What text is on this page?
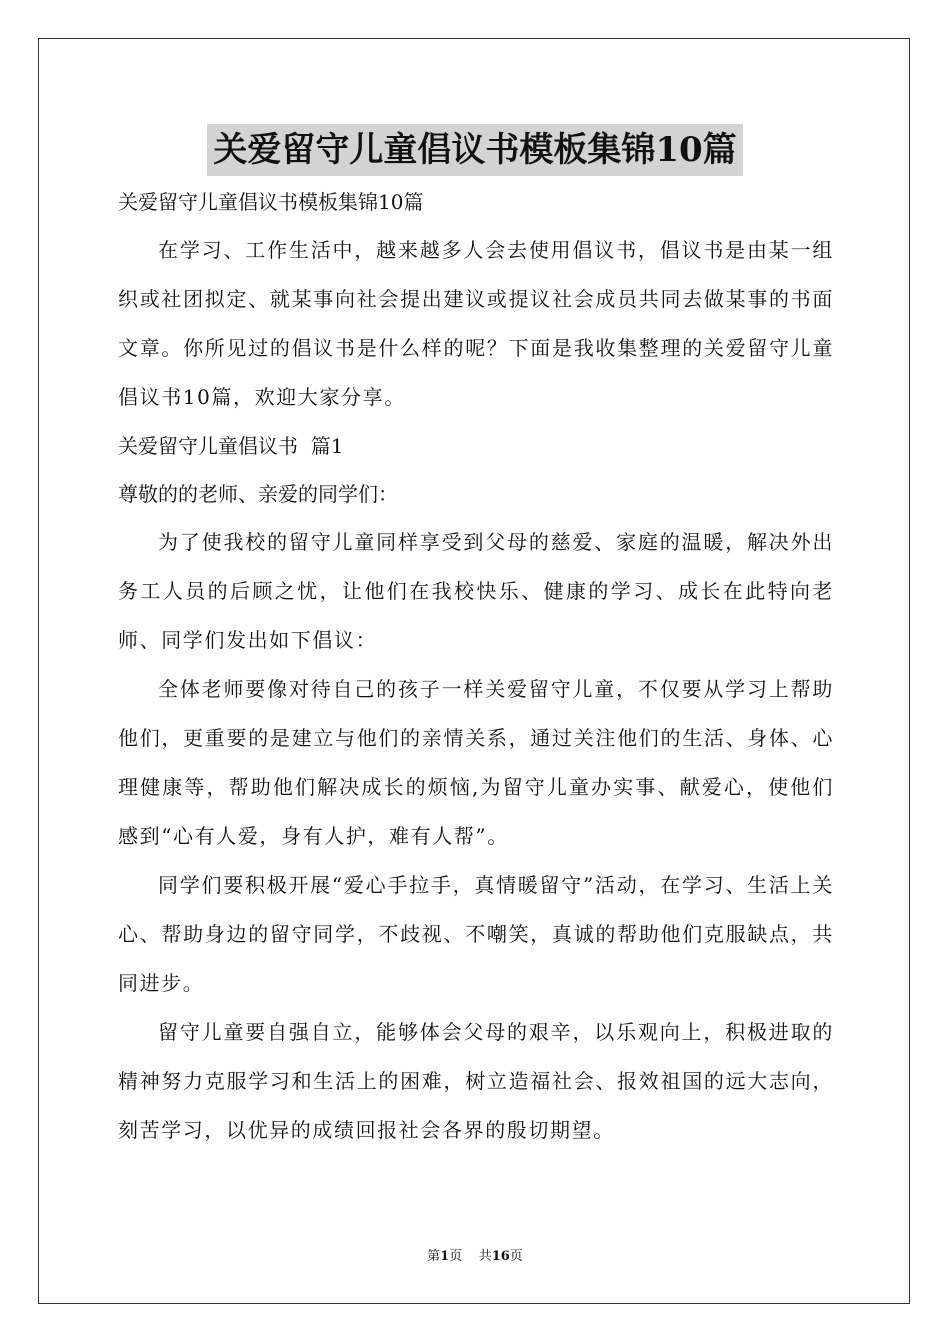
关爱留守儿童倡议书模板集锦10篇
关爱留守儿童倡议书模板集锦10篇

在学习、工作生活中，越来越多人会去使用倡议书，倡议书是由某一组织或社团拟定、就某事向社会提出建议或提议社会成员共同去做某事的书面文章。你所见过的倡议书是什么样的呢？下面是我收集整理的关爱留守儿童倡议书10篇，欢迎大家分享。

关爱留守儿童倡议书  篇1
尊敬的的老师、亲爱的同学们：

为了使我校的留守儿童同样享受到父母的慈爱、家庭的温暖，解决外出务工人员的后顾之忧，让他们在我校快乐、健康的学习、成长在此特向老师、同学们发出如下倡议：

全体老师要像对待自己的孩子一样关爱留守儿童，不仅要从学习上帮助他们，更重要的是建立与他们的亲情关系，通过关注他们的生活、身体、心理健康等，帮助他们解决成长的烦恼,为留守儿童办实事、献爱心，使他们感到“心有人爱，身有人护，难有人帮”。

同学们要积极开展“爱心手拉手，真情暖留守”活动，在学习、生活上关心、帮助身边的留守同学，不歧视、不嘲笑，真诚的帮助他们克服缺点，共同进步。

留守儿童要自强自立，能够体会父母的艰辛，以乐观向上，积极进取的精神努力克服学习和生活上的困难，树立造福社会、报效祖国的远大志向，刻苦学习，以优异的成绩回报社会各界的殷切期望。

第1页 共16页
